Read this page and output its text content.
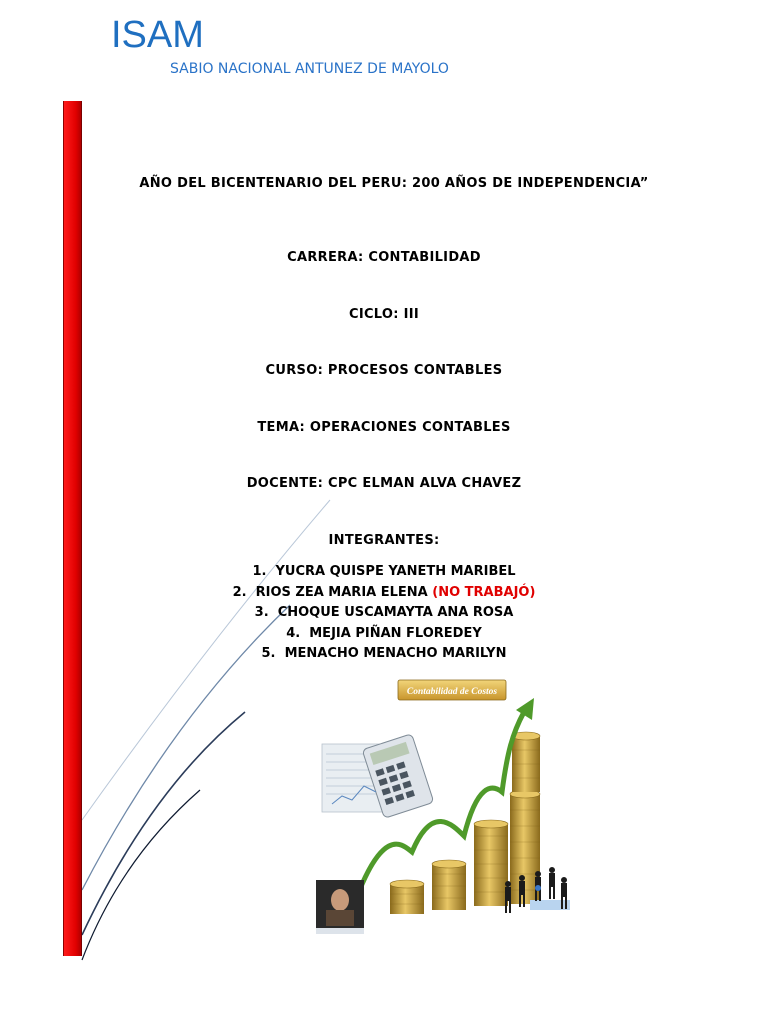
ISAM
SABIO NACIONAL ANTUNEZ DE MAYOLO
AÑO DEL BICENTENARIO DEL PERU: 200 AÑOS DE INDEPENDENCIA”
CARRERA: CONTABILIDAD
CICLO: III
CURSO: PROCESOS CONTABLES
TEMA: OPERACIONES CONTABLES
DOCENTE: CPC ELMAN ALVA CHAVEZ
INTEGRANTES:
1. YUCRA QUISPE YANETH MARIBEL
2. RIOS ZEA MARIA ELENA (NO TRABAJÓ)
3. CHOQUE USCAMAYTA ANA ROSA
4. MEJIA PIÑAN FLOREDEY
5. MENACHO MENACHO MARILYN
Contabilidad de Costos
